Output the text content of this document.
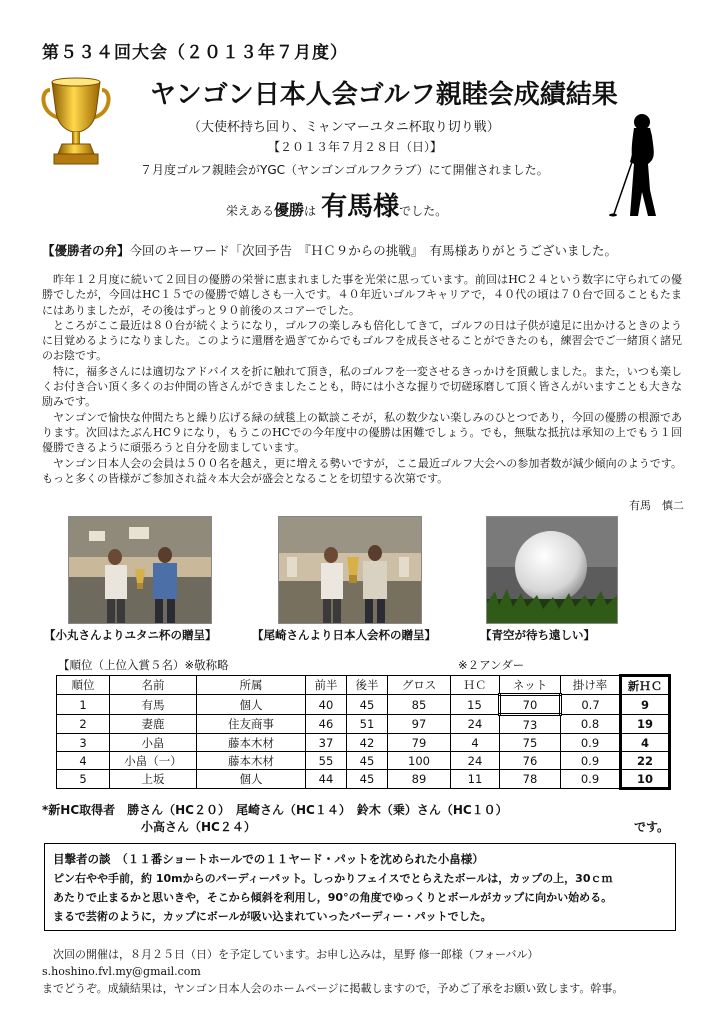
第５３４回大会（２０１３年７月度）
ヤンゴン日本人会ゴルフ親睦会成績結果
（大使杯持ち回り、ミャンマーユタニ杯取り切り戦）
【２０１３年７月２８日（日）】
７月度ゴルフ親睦会がYGC（ヤンゴンゴルフクラブ）にて開催されました。
栄えある優勝は 有馬様でした。
【優勝者の弁】今回のキーワード「次回予告　『ＨＣ９からの挑戦』　有馬様ありがとうございました。

昨年１２月度に続いて２回目の優勝の栄誉に恵まれました事を光栄に思っています。前回はHC２４という数字に守られての優勝でしたが，今回はHC１５での優勝で嬉しさも一入です。４０年近いゴルフキャリアで，４０代の頃は７０台で回ることもたまにはありましたが，その後はずっと９０前後のスコアーでした。

ところがここ最近は８０台が続くようになり，ゴルフの楽しみも倍化してきて，ゴルフの日は子供が遠足に出かけるときのように目覚めるようになりました。このように還暦を過ぎてからでもゴルフを成長させることができたのも，練習会でご一緒頂く諸兄のお陰です。

特に，福多さんには適切なアドバイスを折に触れて頂き，私のゴルフを一変させるきっかけを頂戴しました。また，いつも楽しくお付き合い頂く多くのお仲間の皆さんができましたことも，時には小さな握りで切磋琢磨して頂く皆さんがいますことも大きな励みです。

ヤンゴンで愉快な仲間たちと繰り広げる緑の絨毯上の歓談こそが，私の数少ない楽しみのひとつであり，今回の優勝の根源であります。次回はたぶんHC９になり，もうこのHCでの今年度中の優勝は困難でしょう。でも，無駄な抵抗は承知の上でもう１回優勝できるように頑張ろうと自分を励ましています。

ヤンゴン日本人会の会員は５００名を越え，更に増える勢いですが，ここ最近ゴルフ大会への参加者数が減少傾向のようです。もっと多くの皆様がご参加され益々本大会が盛会となることを切望する次第です。

有馬　慎二
【小丸さんよりユタニ杯の贈呈】	【尾崎さんより日本人会杯の贈呈】	【青空が待ち遠しい】
【順位（上位入賞５名）※敬称略	※２アンダー
順位	名前	所属	前半	後半	グロス	ＨＣ	ネット	掛け率	新ＨＣ
1	有馬	個人	40	45	85	15	70	0.7	9
2	妻鹿	住友商事	46	51	97	24	73	0.8	19
3	小畠	藤本木材	37	42	79	4	75	0.9	4
4	小畠（一）	藤本木材	55	45	100	24	76	0.9	22
5	上坂	個人	44	45	89	11	78	0.9	10
*新HC取得者　勝さん（HC２０）　尾崎さん（HC１４）　鈴木（乗）さん（HC１０）
小高さん（HC２４）	です。
目撃者の談　（１１番ショートホールでの１１ヤード・パットを沈められた小畠様）
ピン右やや手前，約 10mからのパーディーパット。しっかりフェイスでとらえたボールは，カップの上，30ｃｍ
あたりで止まるかと思いきや，そこから傾斜を利用し，90°の角度でゆっくりとボールがカップに向かい始める。
まるで芸術のように，カップにボールが吸い込まれていったバーディー・パットでした。

次回の開催は，８月２５日（日）を予定しています。お申し込みは，星野 修一郎様（フォーバル）s.hoshino.fvl.my@gmail.com

までどうぞ。成績結果は，ヤンゴン日本人会のホームページに掲載しますので，予めご了承をお願い致します。幹事。
